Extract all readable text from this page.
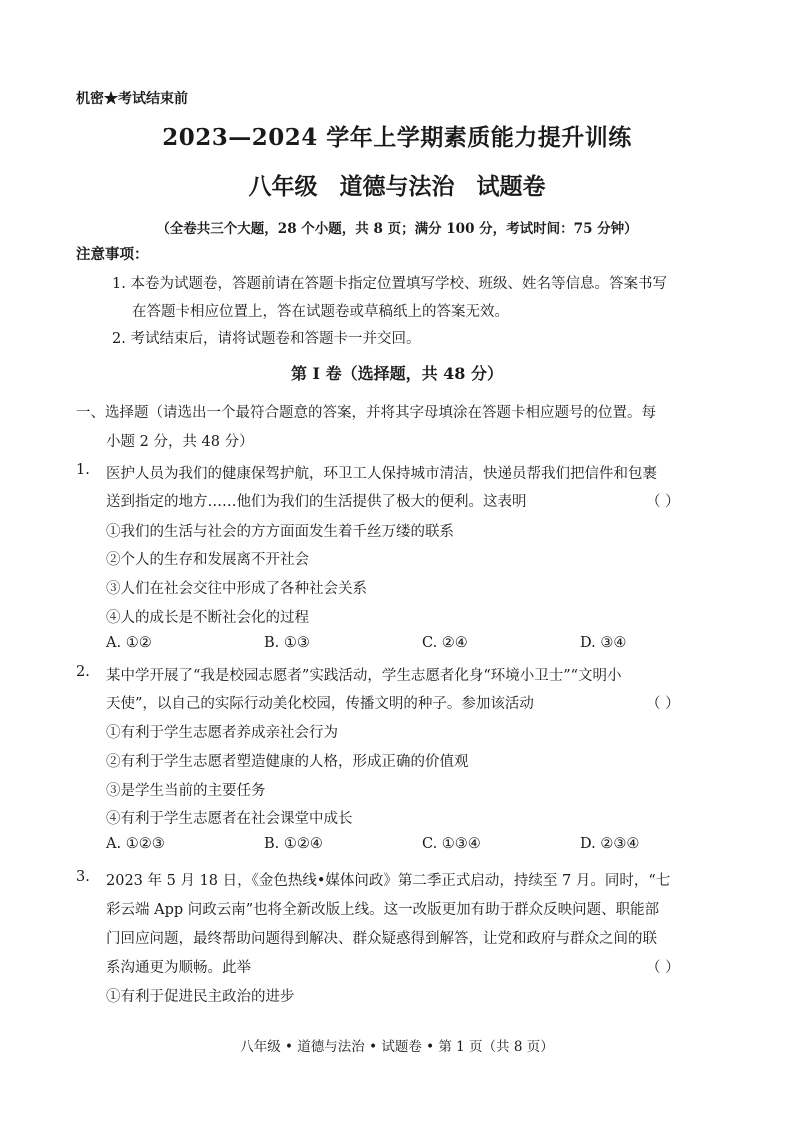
机密★考试结束前
2023—2024 学年上学期素质能力提升训练
八年级 道德与法治 试题卷
（全卷共三个大题，28 个小题，共 8 页；满分 100 分，考试时间：75 分钟）
注意事项：
1. 本卷为试题卷，答题前请在答题卡指定位置填写学校、班级、姓名等信息。答案书写
在答题卡相应位置上，答在试题卷或草稿纸上的答案无效。
2. 考试结束后，请将试题卷和答题卡一并交回。
第 I 卷（选择题，共 48 分）
一、选择题（请选出一个最符合题意的答案，并将其字母填涂在答题卡相应题号的位置。每
小题 2 分，共 48 分）
1. 医护人员为我们的健康保驾护航，环卫工人保持城市清洁，快递员帮我们把信件和包裹
送到指定的地方……他们为我们的生活提供了极大的便利。这表明	（ ）
①我们的生活与社会的方方面面发生着千丝万缕的联系
②个人的生存和发展离不开社会
③人们在社会交往中形成了各种社会关系
④人的成长是不断社会化的过程
A. ①②	B. ①③	C. ②④	D. ③④
2. 某中学开展了“我是校园志愿者”实践活动，学生志愿者化身“环境小卫士”“文明小
天使”，以自己的实际行动美化校园，传播文明的种子。参加该活动	（ ）
①有利于学生志愿者养成亲社会行为
②有利于学生志愿者塑造健康的人格，形成正确的价值观
③是学生当前的主要任务
④有利于学生志愿者在社会课堂中成长
A. ①②③	B. ①②④	C. ①③④	D. ②③④
3. 2023 年 5 月 18 日，《金色热线•媒体问政》第二季正式启动，持续至 7 月。同时，“七
彩云端 App 问政云南”也将全新改版上线。这一改版更加有助于群众反映问题、职能部
门回应问题，最终帮助问题得到解决、群众疑惑得到解答，让党和政府与群众之间的联
系沟通更为顺畅。此举	（ ）
①有利于促进民主政治的进步
八年级 • 道德与法治 • 试题卷 • 第 1 页（共 8 页）
